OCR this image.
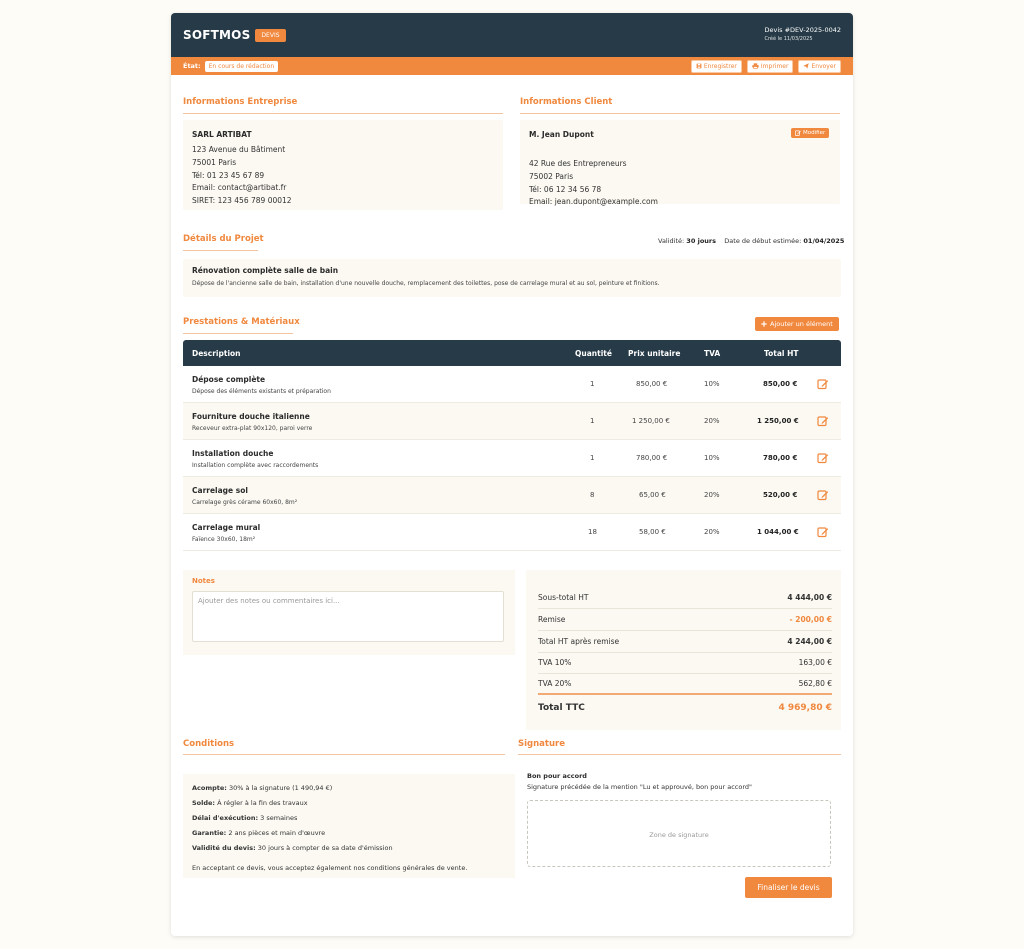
SOFTMOS	DEVIS
Devis #DEV-2025-0042
Créé le 11/03/2025
État:	En cours de rédaction	Enregistrer	Imprimer	Envoyer
Informations Entreprise
SARL ARTIBAT
123 Avenue du Bâtiment
75001 Paris
Tél: 01 23 45 67 89
Email: contact@artibat.fr
SIRET: 123 456 789 00012
Informations Client
M. Jean Dupont	Modifier
42 Rue des Entrepreneurs
75002 Paris
Tél: 06 12 34 56 78
Email: jean.dupont@example.com
Détails du Projet	Validité: 30 jours Date de début estimée: 01/04/2025
Rénovation complète salle de bain
Dépose de l'ancienne salle de bain, installation d'une nouvelle douche, remplacement des toilettes, pose de carrelage mural et au sol, peinture et finitions.
Prestations & Matériaux	Ajouter un élément
Description	Quantité Prix unitaire	TVA	Total HT
Dépose complète
Dépose des éléments existants et préparation
1	850,00 €	10%	850,00 €
Fourniture douche italienne
Receveur extra-plat 90x120, paroi verre
1	1 250,00 €	20%	1 250,00 €
Installation douche
Installation complète avec raccordements
1	780,00 €	10%	780,00 €
Carrelage sol
Carrelage grès cérame 60x60, 8m²
8	65,00 €	20%	520,00 €
Carrelage mural
Faïence 30x60, 18m²
18	58,00 €	20%	1 044,00 €
Notes
Ajouter des notes ou commentaires ici...	Sous-total HT	4 444,00 €
Remise	- 200,00 €
Total HT après remise	4 244,00 €
TVA 10%	163,00 €
TVA 20%	562,80 €
Total TTC	4 969,80 €
Conditions
Acompte: 30% à la signature (1 490,94 €)
Solde: À régler à la fin des travaux
Délai d'exécution: 3 semaines
Garantie: 2 ans pièces et main d'œuvre
Validité du devis: 30 jours à compter de sa date d'émission
En acceptant ce devis, vous acceptez également nos conditions générales de vente.
Signature
Bon pour accord
Signature précédée de la mention "Lu et approuvé, bon pour accord"
Zone de signature
Finaliser le devis
